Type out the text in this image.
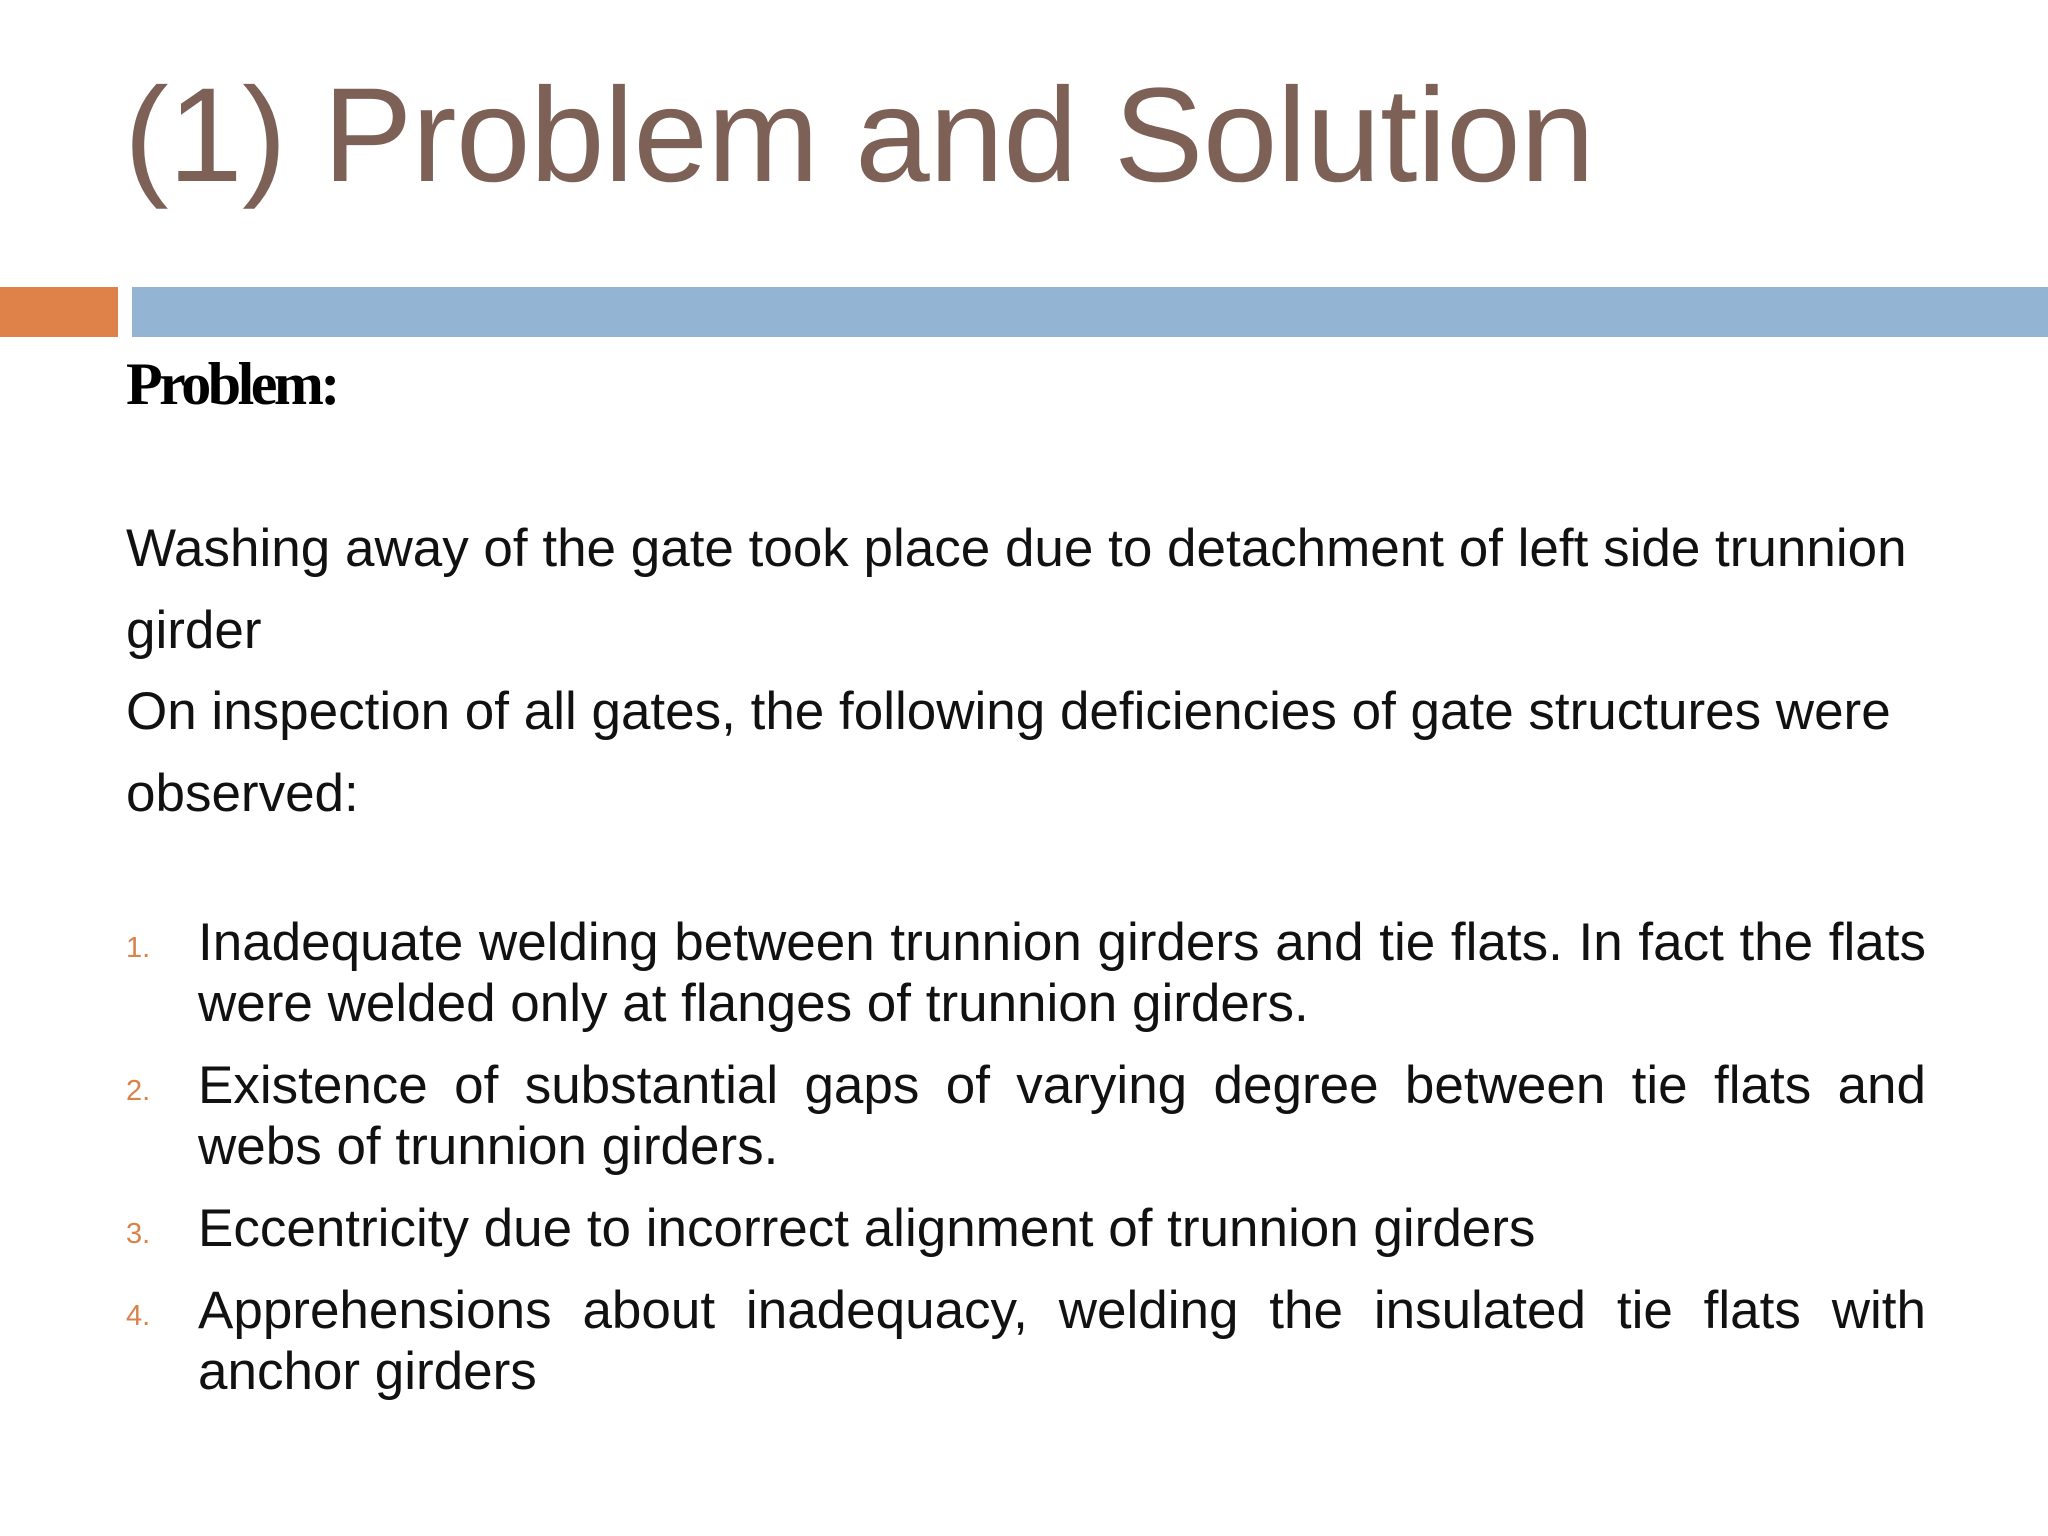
(1) Problem and Solution
Problem:

Washing away of the gate took place due to detachment of left side trunnion girder

On inspection of all gates, the following deficiencies of gate structures were observed:

1. Inadequate welding between trunnion girders and tie flats. In fact the flats were welded only at flanges of trunnion girders.
2. Existence of substantial gaps of varying degree between tie flats and webs of trunnion girders.
3. Eccentricity due to incorrect alignment of trunnion girders
4. Apprehensions about inadequacy, welding the insulated tie flats with anchor girders
